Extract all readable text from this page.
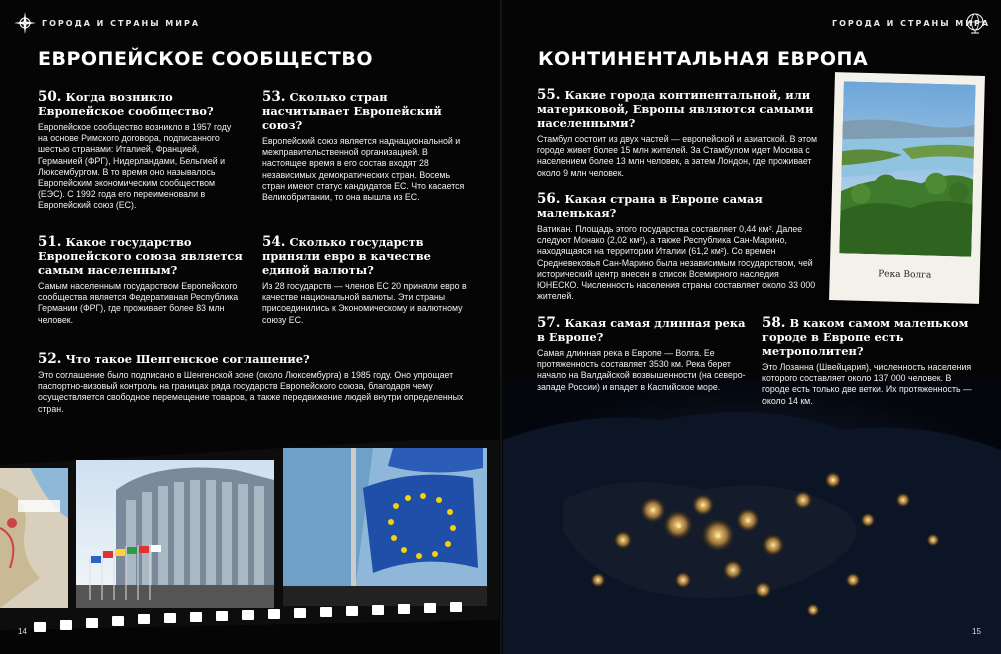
ГОРОДА И СТРАНЫ МИРА
ЕВРОПЕЙСКОЕ СООБЩЕСТВО
50. Когда возникло Европейское сообщество?

Европейское сообщество возникло в 1957 году на основе Римского договора, подписанного шестью странами: Италией, Францией, Германией (ФРГ), Нидерландами, Бельгией и Люксембургом. В то время оно называлось Европейским экономическим сообществом (ЕЭС). С 1992 года его переименовали в Европейский союз (ЕС).

53. Сколько стран насчитывает Европейский союз?

Европейский союз является наднациональной и межправительственной организацией. В настоящее время в его состав входят 28 независимых демократических стран. Восемь стран имеют статус кандидатов ЕС. Что касается Великобритании, то она вышла из ЕС.

51. Какое государство Европейского союза является самым населенным?

Самым населенным государством Европейского сообщества является Федеративная Республика Германии (ФРГ), где проживает более 83 млн человек.

54. Сколько государств приняли евро в качестве единой валюты?

Из 28 государств — членов ЕС 20 приняли евро в качестве национальной валюты. Эти страны присоединились к Экономическому и валютному союзу ЕС.

52. Что такое Шенгенское соглашение?

Это соглашение было подписано в Шенгенской зоне (около Люксембурга) в 1985 году. Оно упрощает паспортно-визовый контроль на границах ряда государств Европейского союза, благодаря чему осуществляется свободное перемещение товаров, а также передвижение людей внутри определенных стран.

14
ГОРОДА И СТРАНЫ МИРА
КОНТИНЕНТАЛЬНАЯ ЕВРОПА
55. Какие города континентальной, или материковой, Европы являются самыми населенными?

Стамбул состоит из двух частей — европейской и азиатской. В этом городе живет более 15 млн жителей. За Стамбулом идет Москва с населением более 13 млн человек, а затем Лондон, где проживает около 9 млн человек.

56. Какая страна в Европе самая маленькая?

Ватикан. Площадь этого государства составляет 0,44 км². Далее следуют Монако (2,02 км²), а также Республика Сан-Марино, находящаяся на территории Италии (61,2 км²). Со времен Средневековья Сан-Марино была независимым государством, чей исторический центр внесен в список Всемирного наследия ЮНЕСКО. Численность населения страны составляет около 33 000 жителей.

57. Какая самая длинная река в Европе?

Самая длинная река в Европе — Волга. Ее протяженность составляет 3530 км. Река берет начало на Валдайской возвышенности (на северо-западе России) и впадет в Каспийское море.

58. В каком самом маленьком городе в Европе есть метрополитен?

Это Лозанна (Швейцария), численность населения которого составляет около 137 000 человек. В городе есть только две ветки. Их протяженность — около 14 км.

Река Волга
15
